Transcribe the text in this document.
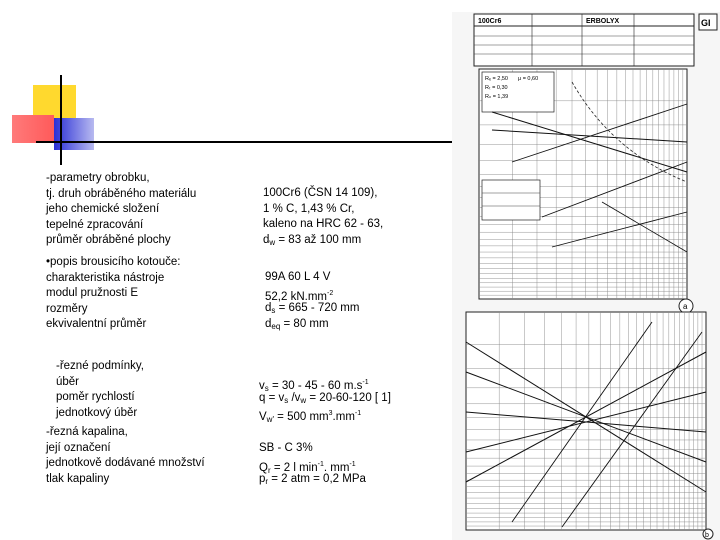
-parametry obrobku,
tj. druh obráběného materiálu
jeho chemické složení
tepelné zpracování
průměr obráběné plochy
•popis brousicího kotouče:
charakteristika nástroje
modul pružnosti E
rozměry
ekvivalentní průměr
-řezné podmínky,
úběr
poměr rychlostí
jednotkový úběr
-řezná kapalina,
její označení
jednotkově dodávané množství
tlak kapaliny
100Cr6 (ČSN 14 109),
1 % C, 1,43 % Cr,
kaleno na HRC 62 - 63,
$d_w = 83$ až 100 mm
99A 60 L 4 V
52,2 $kN.mm^{-2}$
$d_s = 665 - 720$ mm
$d_{eq} = 80$ mm
$v_s = 30 - 45 - 60$ $m.s^{-1}$
$q = v_s$ $/v_w = 20-60-120$ [ 1]
$V_{w'} = 500$ $mm^3.mm^{-1}$
SB - C 3%
$Q_r = 2$ l $\min^{-1}$. $mm^{-1}$
$p_r = 2$ atm = 0,2 MPa
100Cr6	ERBOLYX	GI
Rₑ = 2,50
Rₜ = 0,30
Rₙ = 1,39
μ = 0,60
a
b
